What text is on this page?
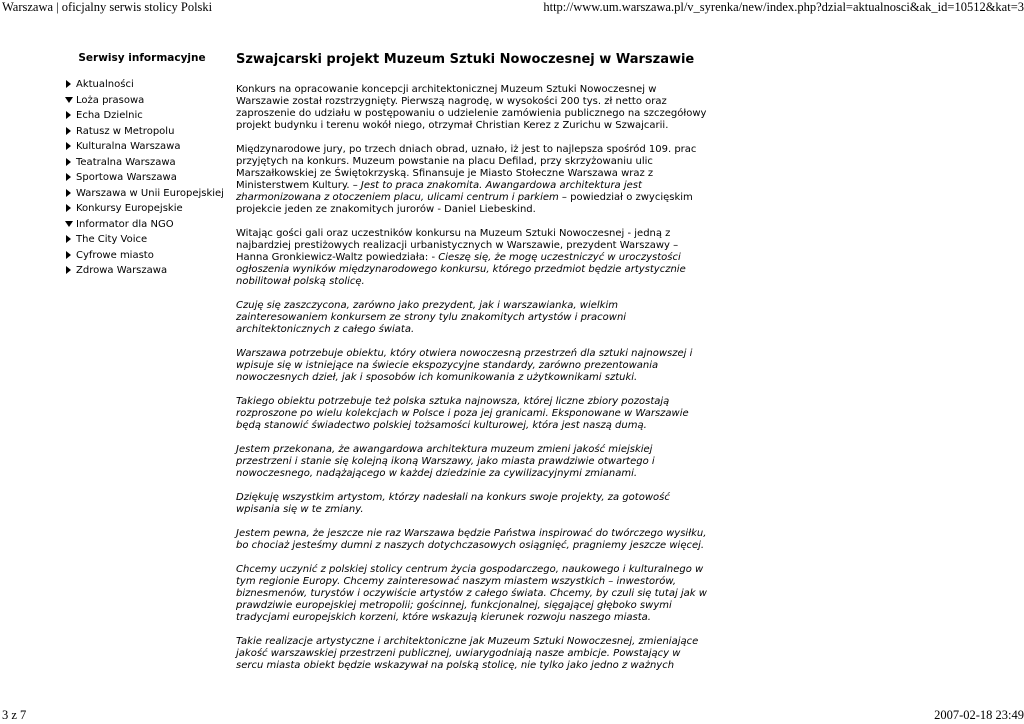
Warszawa | oficjalny serwis stolicy Polski	http://www.um.warszawa.pl/v_syrenka/new/index.php?dzial=aktualnosci&ak_id=10512&kat=3
Serwisy informacyjne
Aktualności
Loża prasowa
Echa Dzielnic
Ratusz w Metropolu
Kulturalna Warszawa
Teatralna Warszawa
Sportowa Warszawa
Warszawa w Unii Europejskiej
Konkursy Europejskie
Informator dla NGO
The City Voice
Cyfrowe miasto
Zdrowa Warszawa
Szwajcarski projekt Muzeum Sztuki Nowoczesnej w Warszawie

Konkurs na opracowanie koncepcji architektonicznej Muzeum Sztuki Nowoczesnej w Warszawie został rozstrzygnięty. Pierwszą nagrodę, w wysokości 200 tys. zł netto oraz zaproszenie do udziału w postępowaniu o udzielenie zamówienia publicznego na szczegółowy projekt budynku i terenu wokół niego, otrzymał Christian Kerez z Zurichu w Szwajcarii.

Międzynarodowe jury, po trzech dniach obrad, uznało, iż jest to najlepsza spośród 109. prac przyjętych na konkurs. Muzeum powstanie na placu Defilad, przy skrzyżowaniu ulic Marszałkowskiej ze Świętokrzyską. Sfinansuje je Miasto Stołeczne Warszawa wraz z Ministerstwem Kultury. – Jest to praca znakomita. Awangardowa architektura jest zharmonizowana z otoczeniem placu, ulicami centrum i parkiem – powiedział o zwycięskim projekcie jeden ze znakomitych jurorów - Daniel Liebeskind.

Witając gości gali oraz uczestników konkursu na Muzeum Sztuki Nowoczesnej - jedną z najbardziej prestiżowych realizacji urbanistycznych w Warszawie, prezydent Warszawy – Hanna Gronkiewicz-Waltz powiedziała: - Cieszę się, że mogę uczestniczyć w uroczystości ogłoszenia wyników międzynarodowego konkursu, którego przedmiot będzie artystycznie nobilitował polską stolicę.

Czuję się zaszczycona, zarówno jako prezydent, jak i warszawianka, wielkim zainteresowaniem konkursem ze strony tylu znakomitych artystów i pracowni architektonicznych z całego świata.

Warszawa potrzebuje obiektu, który otwiera nowoczesną przestrzeń dla sztuki najnowszej i wpisuje się w istniejące na świecie ekspozycyjne standardy, zarówno prezentowania nowoczesnych dzieł, jak i sposobów ich komunikowania z użytkownikami sztuki.

Takiego obiektu potrzebuje też polska sztuka najnowsza, której liczne zbiory pozostają rozproszone po wielu kolekcjach w Polsce i poza jej granicami. Eksponowane w Warszawie będą stanowić świadectwo polskiej tożsamości kulturowej, która jest naszą dumą.

Jestem przekonana, że awangardowa architektura muzeum zmieni jakość miejskiej przestrzeni i stanie się kolejną ikoną Warszawy, jako miasta prawdziwie otwartego i nowoczesnego, nadążającego w każdej dziedzinie za cywilizacyjnymi zmianami.

Dziękuję wszystkim artystom, którzy nadesłali na konkurs swoje projekty, za gotowość wpisania się w te zmiany.

Jestem pewna, że jeszcze nie raz Warszawa będzie Państwa inspirować do twórczego wysiłku, bo chociaż jesteśmy dumni z naszych dotychczasowych osiągnięć, pragniemy jeszcze więcej.

Chcemy uczynić z polskiej stolicy centrum życia gospodarczego, naukowego i kulturalnego w tym regionie Europy. Chcemy zainteresować naszym miastem wszystkich – inwestorów, biznesmenów, turystów i oczywiście artystów z całego świata. Chcemy, by czuli się tutaj jak w prawdziwie europejskiej metropolii; gościnnej, funkcjonalnej, sięgającej głęboko swymi tradycjami europejskich korzeni, które wskazują kierunek rozwoju naszego miasta.

Takie realizacje artystyczne i architektoniczne jak Muzeum Sztuki Nowoczesnej, zmieniające jakość warszawskiej przestrzeni publicznej, uwiarygodniają nasze ambicje. Powstający w sercu miasta obiekt będzie wskazywał na polską stolicę, nie tylko jako jedno z ważnych

3 z 7	2007-02-18 23:49
